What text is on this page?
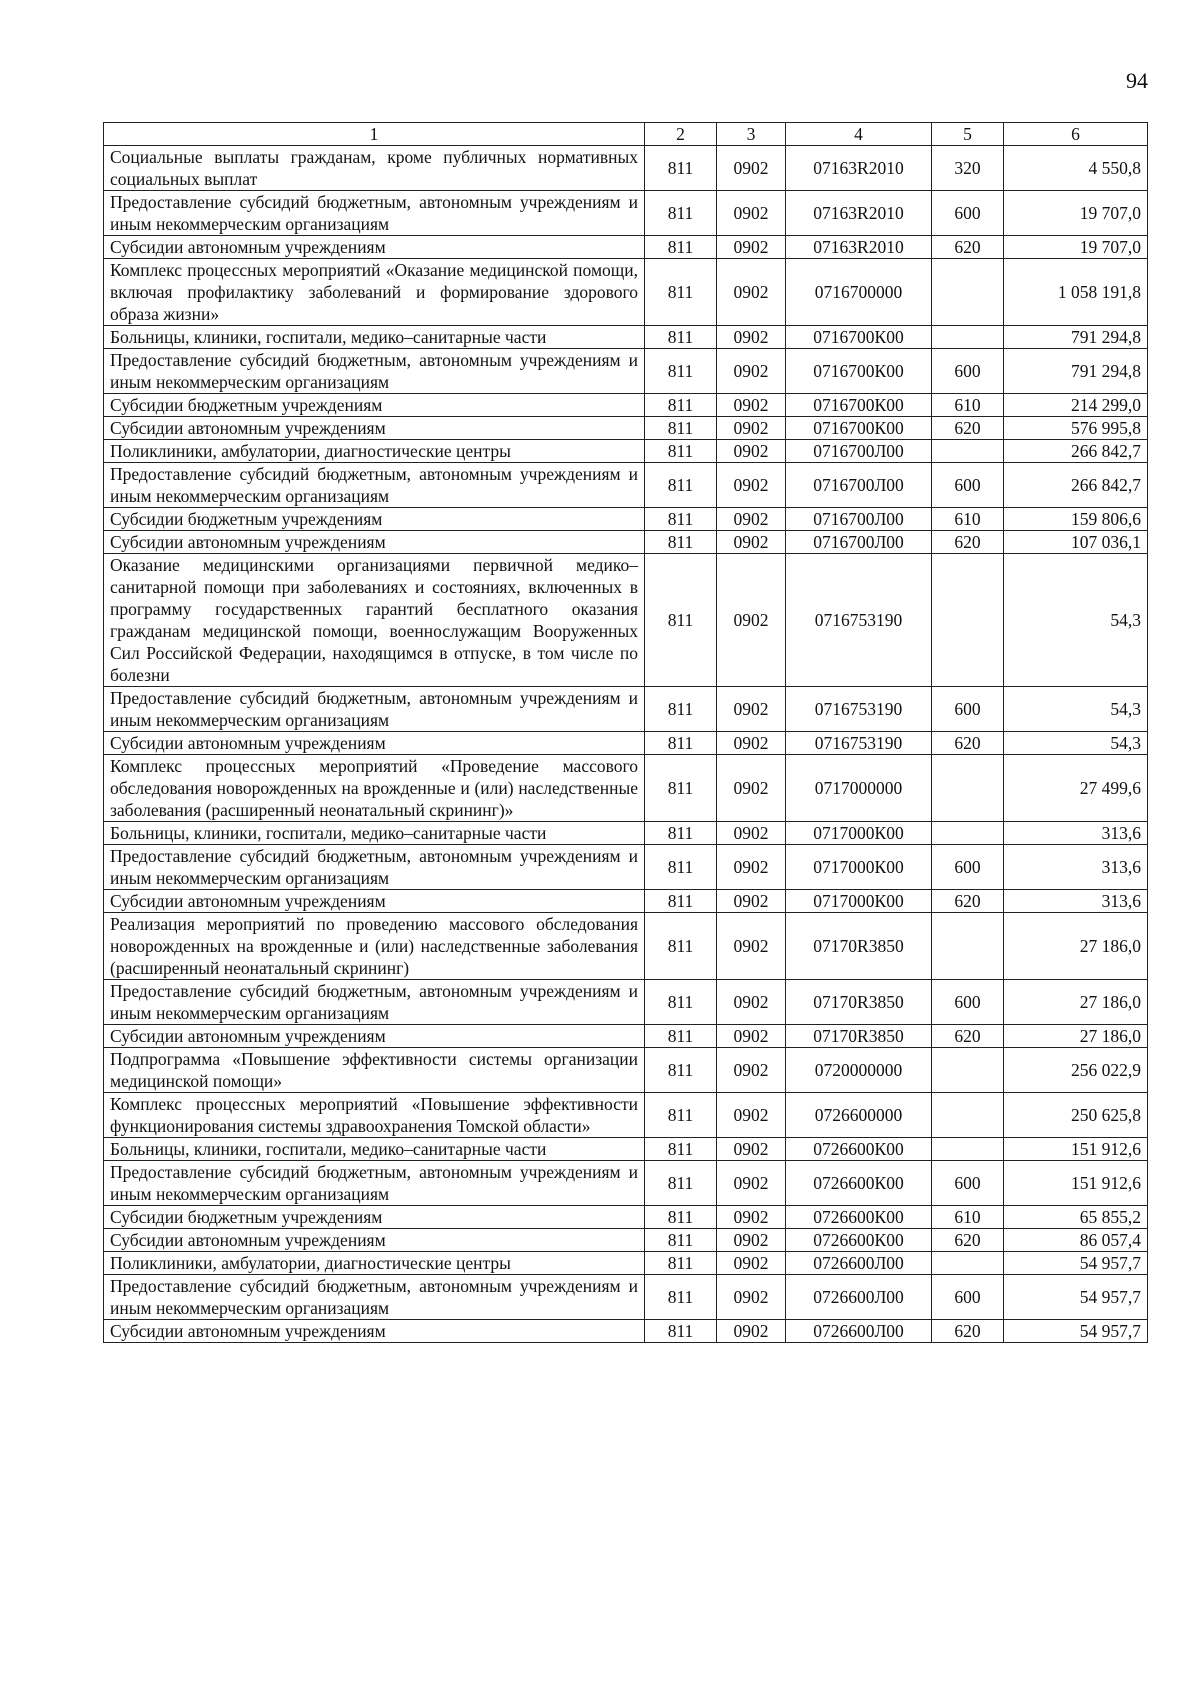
94
1	2	3	4	5	6
Социальные выплаты гражданам, кроме публичных нормативных социальных выплат	811	0902	07163R2010	320	4 550,8
Предоставление субсидий бюджетным, автономным учреждениям и иным некоммерческим организациям	811	0902	07163R2010	600	19 707,0
Субсидии автономным учреждениям	811	0902	07163R2010	620	19 707,0
Комплекс процессных мероприятий «Оказание медицинской помощи, включая профилактику заболеваний и формирование здорового образа жизни»	811	0902	0716700000		1 058 191,8
Больницы, клиники, госпитали, медико–санитарные части	811	0902	0716700К00		791 294,8
Предоставление субсидий бюджетным, автономным учреждениям и иным некоммерческим организациям	811	0902	0716700К00	600	791 294,8
Субсидии бюджетным учреждениям	811	0902	0716700К00	610	214 299,0
Субсидии автономным учреждениям	811	0902	0716700К00	620	576 995,8
Поликлиники, амбулатории, диагностические центры	811	0902	0716700Л00		266 842,7
Предоставление субсидий бюджетным, автономным учреждениям и иным некоммерческим организациям	811	0902	0716700Л00	600	266 842,7
Субсидии бюджетным учреждениям	811	0902	0716700Л00	610	159 806,6
Субсидии автономным учреждениям	811	0902	0716700Л00	620	107 036,1
Оказание медицинскими организациями первичной медико–санитарной помощи при заболеваниях и состояниях, включенных в программу государственных гарантий бесплатного оказания гражданам медицинской помощи, военнослужащим Вооруженных Сил Российской Федерации, находящимся в отпуске, в том числе по болезни	811	0902	0716753190		54,3
Предоставление субсидий бюджетным, автономным учреждениям и иным некоммерческим организациям	811	0902	0716753190	600	54,3
Субсидии автономным учреждениям	811	0902	0716753190	620	54,3
Комплекс процессных мероприятий «Проведение массового обследования новорожденных на врожденные и (или) наследственные заболевания (расширенный неонатальный скрининг)»	811	0902	0717000000		27 499,6
Больницы, клиники, госпитали, медико–санитарные части	811	0902	0717000К00		313,6
Предоставление субсидий бюджетным, автономным учреждениям и иным некоммерческим организациям	811	0902	0717000К00	600	313,6
Субсидии автономным учреждениям	811	0902	0717000К00	620	313,6
Реализация мероприятий по проведению массового обследования новорожденных на врожденные и (или) наследственные заболевания (расширенный неонатальный скрининг)	811	0902	07170R3850		27 186,0
Предоставление субсидий бюджетным, автономным учреждениям и иным некоммерческим организациям	811	0902	07170R3850	600	27 186,0
Субсидии автономным учреждениям	811	0902	07170R3850	620	27 186,0
Подпрограмма «Повышение эффективности системы организации медицинской помощи»	811	0902	0720000000		256 022,9
Комплекс процессных мероприятий «Повышение эффективности функционирования системы здравоохранения Томской области»	811	0902	0726600000		250 625,8
Больницы, клиники, госпитали, медико–санитарные части	811	0902	0726600К00		151 912,6
Предоставление субсидий бюджетным, автономным учреждениям и иным некоммерческим организациям	811	0902	0726600К00	600	151 912,6
Субсидии бюджетным учреждениям	811	0902	0726600К00	610	65 855,2
Субсидии автономным учреждениям	811	0902	0726600К00	620	86 057,4
Поликлиники, амбулатории, диагностические центры	811	0902	0726600Л00		54 957,7
Предоставление субсидий бюджетным, автономным учреждениям и иным некоммерческим организациям	811	0902	0726600Л00	600	54 957,7
Субсидии автономным учреждениям	811	0902	0726600Л00	620	54 957,7
